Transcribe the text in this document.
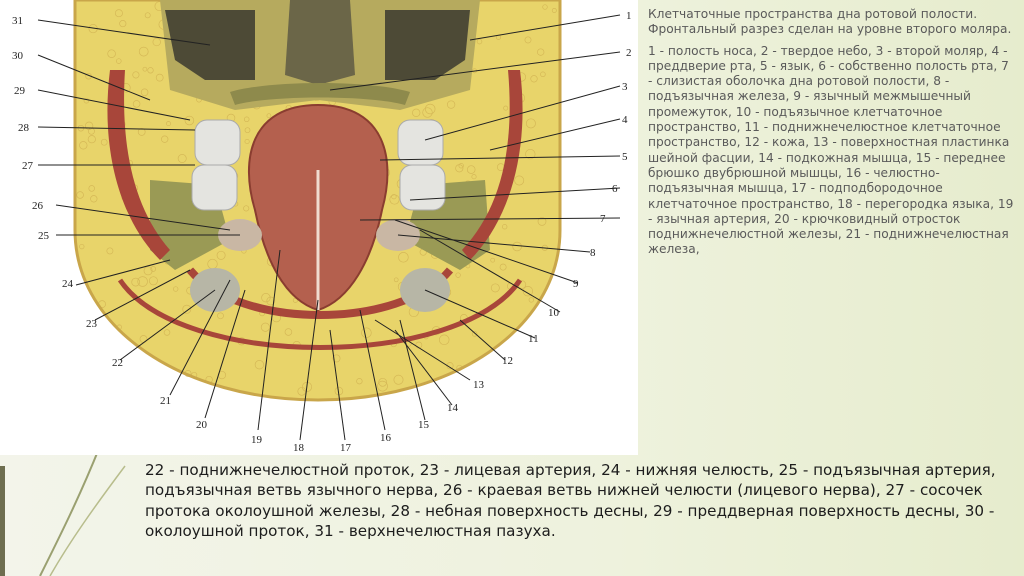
1
2
3
4
5
6
7
8
9
10
11
12
13
14
31
30
29
28
27
26
25
24
23
22
21
20
19
18	17
16
15

Клетчаточные пространства дна ротовой полости. Фронтальный разрез сделан на уровне второго моляра.

1 - полость носа, 2 - твердое небо, 3 - второй моляр, 4 - преддверие рта, 5 - язык, 6 - собственно полость рта, 7 - слизистая оболочка дна ротовой полости, 8 - подъязычная железа, 9 - язычный межмышечный промежуток, 10 - подъязычное клетчаточное пространство, 11 - поднижнечелюстное клетчаточное пространство, 12 - кожа, 13 - поверхностная пластинка шейной фасции, 14 - подкожная мышца, 15 - переднее брюшко двубрюшной мышцы, 16 - челюстно-подъязычная мышца, 17 - подподбородочное клетчаточное пространство, 18 - перегородка языка, 19 - язычная артерия, 20 - крючковидный отросток поднижнечелюстной железы, 21 - поднижнечелюстная железа,

22 - поднижнечелюстной проток, 23 - лицевая артерия, 24 - нижняя челюсть, 25 - подъязычная артерия, подъязычная ветвь язычного нерва, 26 - краевая ветвь нижней челюсти (лицевого нерва), 27 - сосочек протока околоушной железы, 28 - небная поверхность десны, 29 - преддверная поверхность десны, 30 - околоушной проток, 31 - верхнечелюстная пазуха.
